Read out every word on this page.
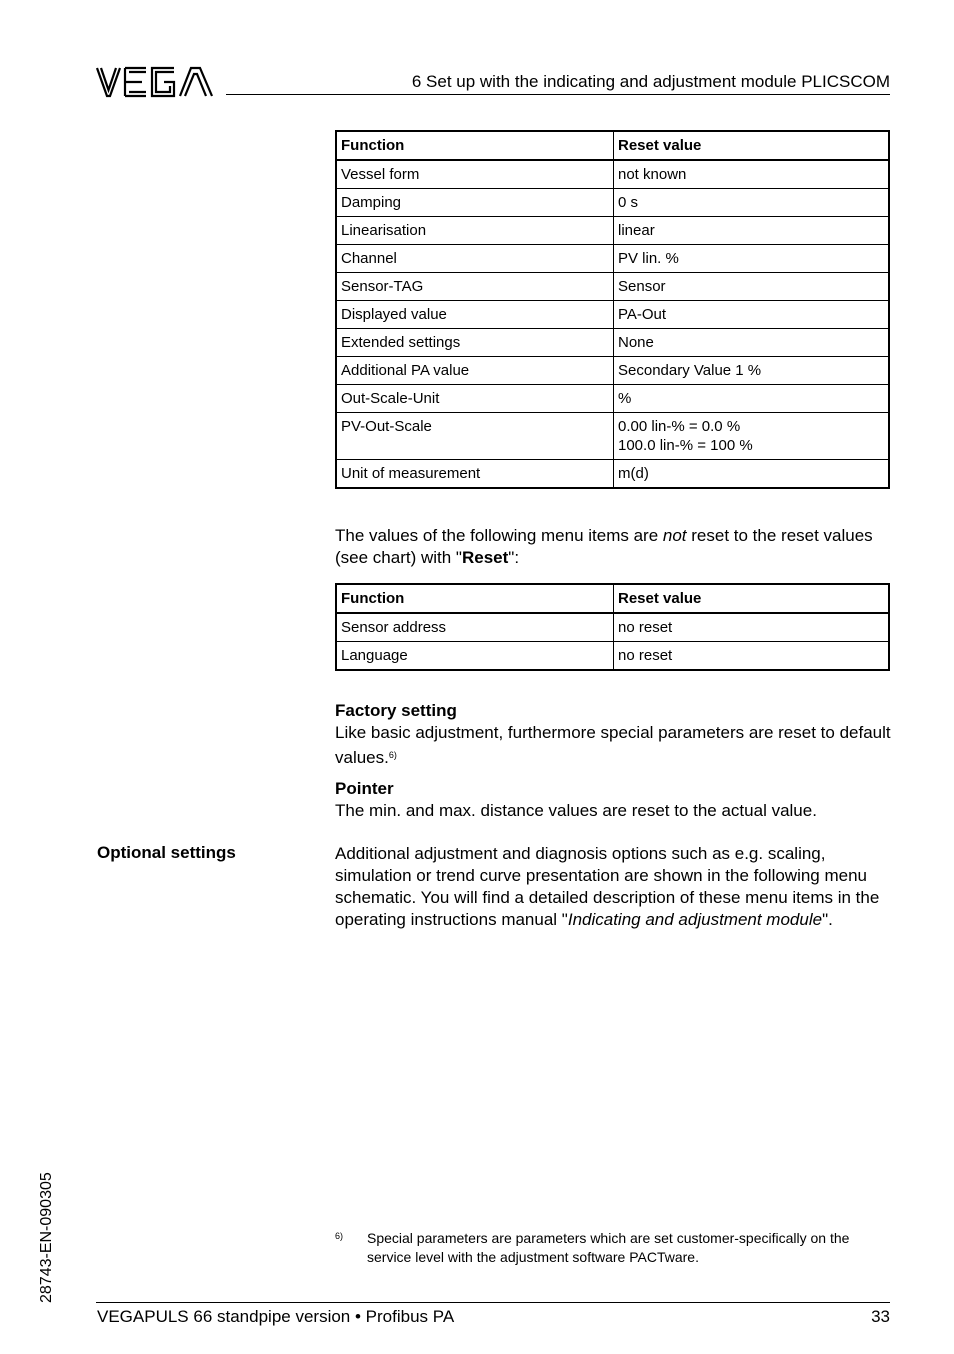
6 Set up with the indicating and adjustment module PLICSCOM
Function	Reset value
Vessel form	not known
Damping	0 s
Linearisation	linear
Channel	PV lin. %
Sensor-TAG	Sensor
Displayed value	PA-Out
Extended settings	None
Additional PA value	Secondary Value 1 %
Out-Scale-Unit	%
PV-Out-Scale	0.00 lin-% = 0.0 %
100.0 lin-% = 100 %

Unit of measurement	m(d)
The values of the following menu items are not reset to the reset values (see chart) with "Reset":
Function	Reset value
Sensor address	no reset
Language	no reset
Factory setting
Like basic adjustment, furthermore special parameters are reset to default values.$^{6)}$
Pointer
The min. and max. distance values are reset to the actual value.
Optional settings	Additional adjustment and diagnosis options such as e.g. scaling, simulation or trend curve presentation are shown in the following menu schematic. You will find a detailed description of these menu items in the operating instructions manual "Indicating and adjustment module".
28743-EN-090305	6) Special parameters are parameters which are set customer-specifically on the service level with the adjustment software PACTware.
VEGAPULS 66 standpipe version • Profibus PA	33
